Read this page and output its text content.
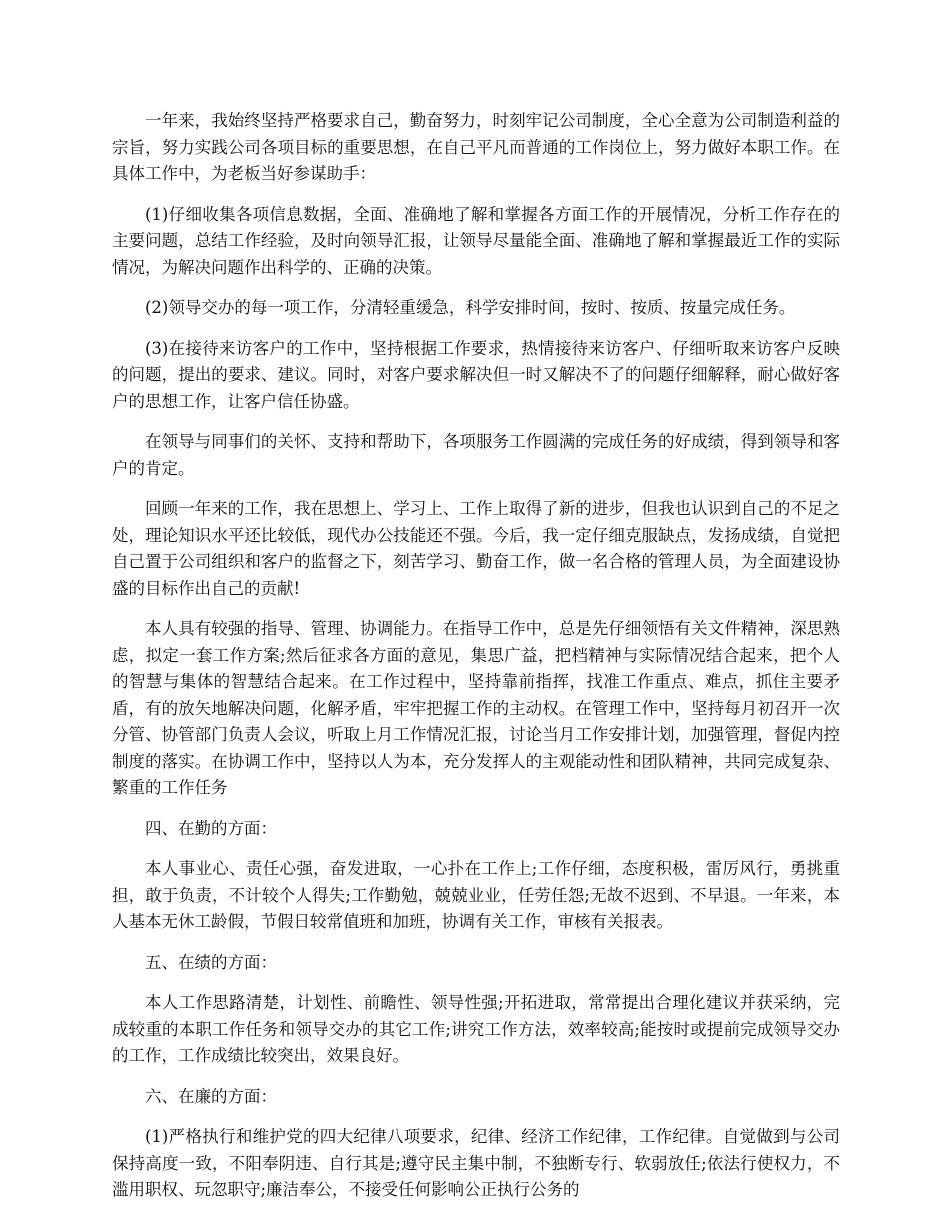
一年来，我始终坚持严格要求自己，勤奋努力，时刻牢记公司制度，全心全意为公司制造利益的宗旨，努力实践公司各项目标的重要思想，在自己平凡而普通的工作岗位上，努力做好本职工作。在具体工作中，为老板当好参谋助手：

(1)仔细收集各项信息数据，全面、准确地了解和掌握各方面工作的开展情况，分析工作存在的主要问题，总结工作经验，及时向领导汇报，让领导尽量能全面、准确地了解和掌握最近工作的实际情况，为解决问题作出科学的、正确的决策。

(2)领导交办的每一项工作，分清轻重缓急，科学安排时间，按时、按质、按量完成任务。

(3)在接待来访客户的工作中，坚持根据工作要求，热情接待来访客户、仔细听取来访客户反映的问题，提出的要求、建议。同时，对客户要求解决但一时又解决不了的问题仔细解释，耐心做好客户的思想工作，让客户信任协盛。

在领导与同事们的关怀、支持和帮助下，各项服务工作圆满的完成任务的好成绩，得到领导和客户的肯定。

回顾一年来的工作，我在思想上、学习上、工作上取得了新的进步，但我也认识到自己的不足之处，理论知识水平还比较低，现代办公技能还不强。今后，我一定仔细克服缺点，发扬成绩，自觉把自己置于公司组织和客户的监督之下，刻苦学习、勤奋工作，做一名合格的管理人员，为全面建设协盛的目标作出自己的贡献!

本人具有较强的指导、管理、协调能力。在指导工作中，总是先仔细领悟有关文件精神，深思熟虑，拟定一套工作方案;然后征求各方面的意见，集思广益，把档精神与实际情况结合起来，把个人的智慧与集体的智慧结合起来。在工作过程中，坚持靠前指挥，找准工作重点、难点，抓住主要矛盾，有的放矢地解决问题，化解矛盾，牢牢把握工作的主动权。在管理工作中，坚持每月初召开一次分管、协管部门负责人会议，听取上月工作情况汇报，讨论当月工作安排计划，加强管理，督促内控制度的落实。在协调工作中，坚持以人为本，充分发挥人的主观能动性和团队精神，共同完成复杂、繁重的工作任务

四、在勤的方面：

本人事业心、责任心强，奋发进取，一心扑在工作上;工作仔细，态度积极，雷厉风行，勇挑重担，敢于负责，不计较个人得失;工作勤勉，兢兢业业，任劳任怨;无故不迟到、不早退。一年来，本人基本无休工龄假，节假日较常值班和加班，协调有关工作，审核有关报表。

五、在绩的方面：

本人工作思路清楚，计划性、前瞻性、领导性强;开拓进取，常常提出合理化建议并获采纳，完成较重的本职工作任务和领导交办的其它工作;讲究工作方法，效率较高;能按时或提前完成领导交办的工作，工作成绩比较突出，效果良好。

六、在廉的方面：

(1)严格执行和维护党的四大纪律八项要求，纪律、经济工作纪律，工作纪律。自觉做到与公司保持高度一致，不阳奉阴违、自行其是;遵守民主集中制，不独断专行、软弱放任;依法行使权力，不滥用职权、玩忽职守;廉洁奉公，不接受任何影响公正执行公务的
